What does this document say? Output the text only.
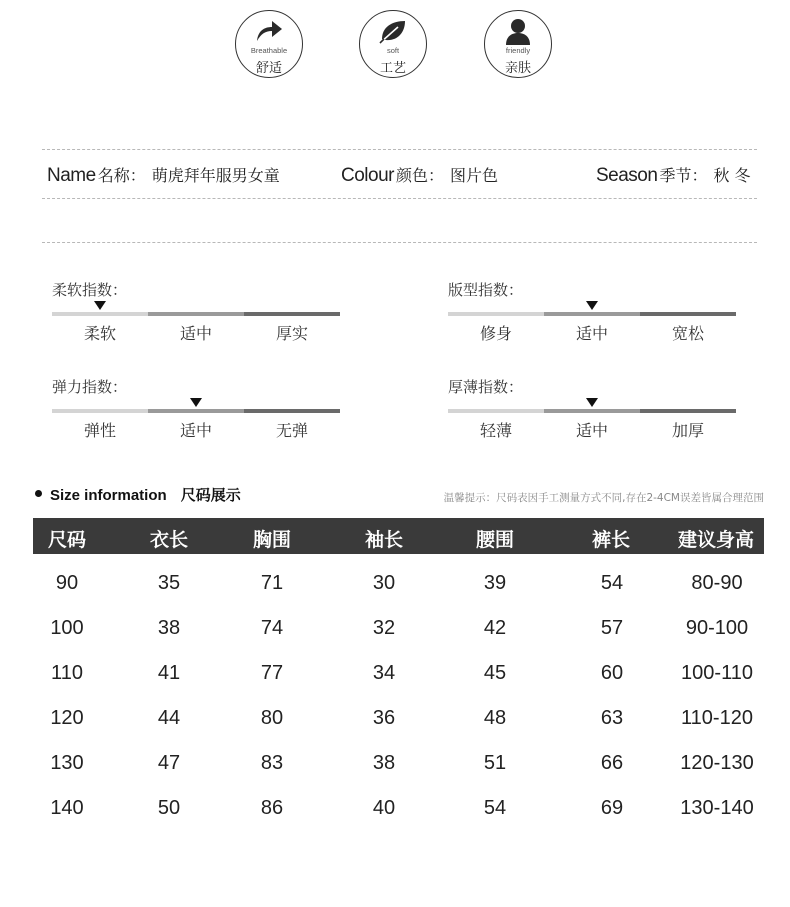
Breathable
舒适
soft
工艺
friendly
亲肤
Name 名称： 萌虎拜年服男女童	Colour 颜色： 图片色	Season 季节： 秋 冬
柔软指数：
柔软	适中	厚实
版型指数：
修身	适中	宽松
弹力指数：
弹性	适中	无弹
厚薄指数：
轻薄	适中	加厚
Size information 尺码展示	温馨提示：尺码表因手工测量方式不同,存在2-4CM误差皆属合理范围
尺码	衣长	胸围	袖长	腰围	裤长	建议身高
90	35	71	30	39	54	80-90
100	38	74	32	42	57	90-100
110	41	77	34	45	60	100-110
120	44	80	36	48	63	110-120
130	47	83	38	51	66	120-130
140	50	86	40	54	69	130-140
